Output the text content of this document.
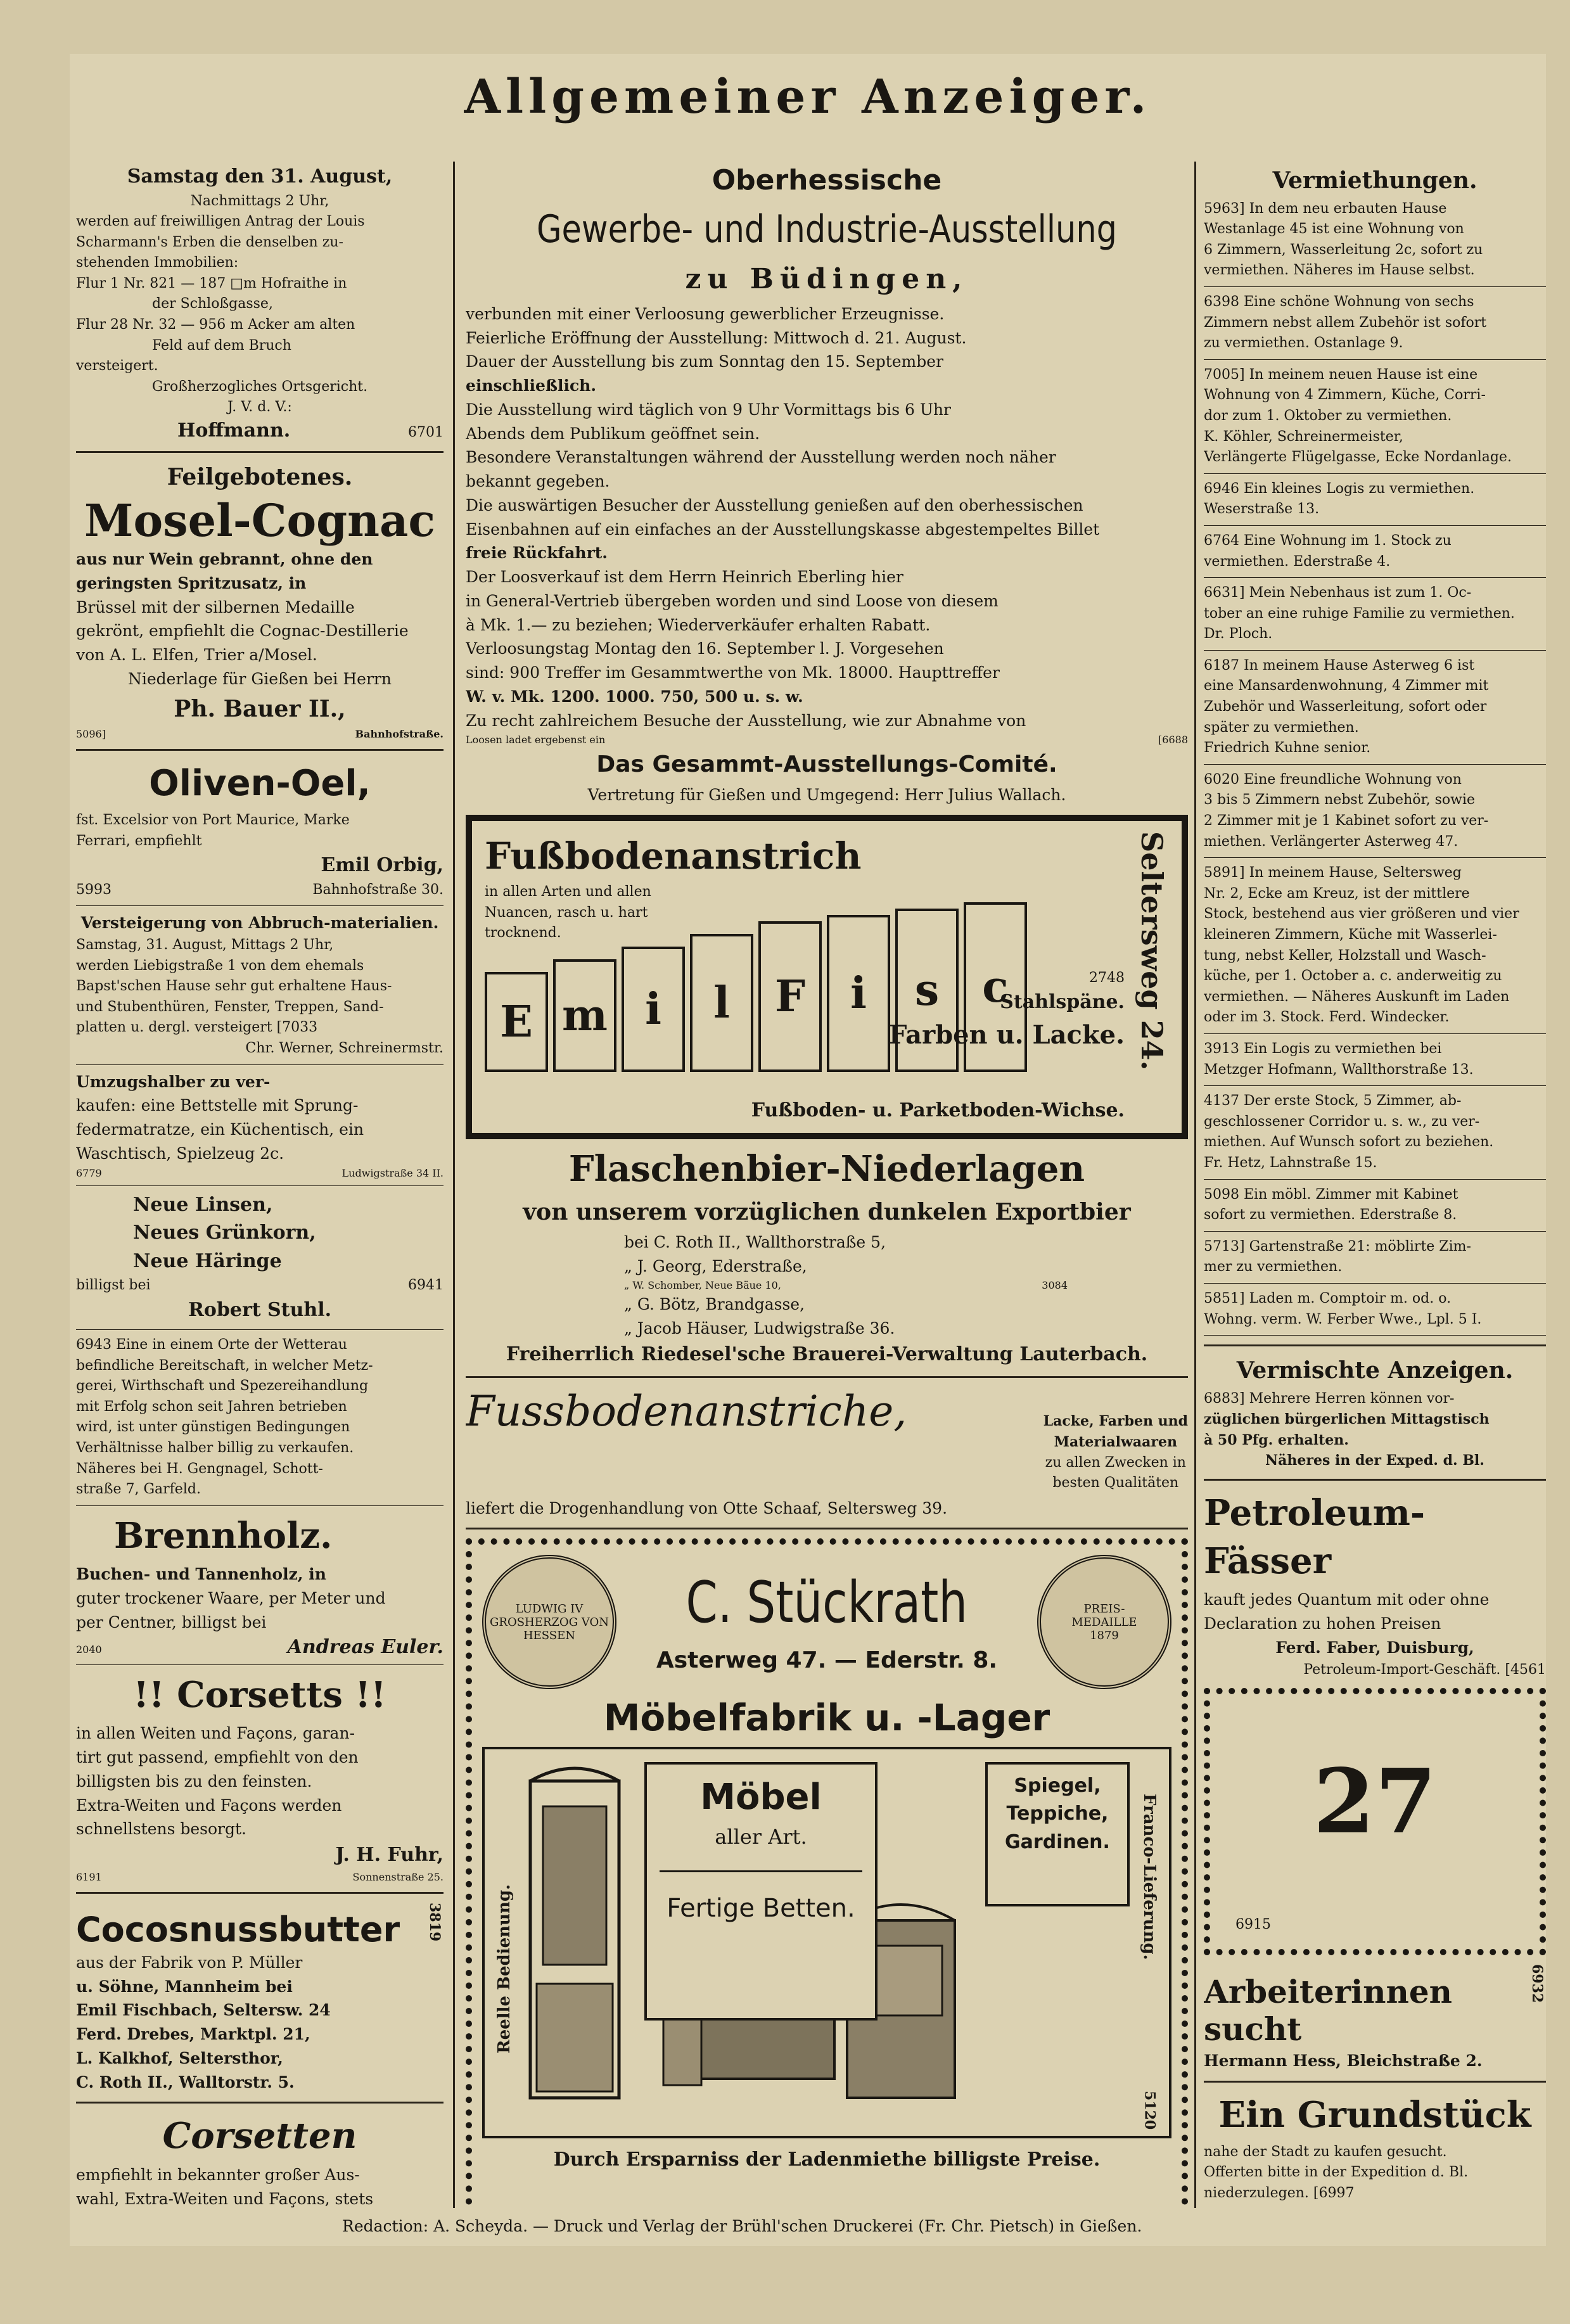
Allgemeiner Anzeiger.

Samstag den 31. August,

Nachmittags 2 Uhr,

werden auf freiwilligen Antrag der Louis

Scharmann's Erben die denselben zu-

stehenden Immobilien:

Flur 1 Nr. 821 — 187 □m Hofraithe in

der Schloßgasse,

Flur 28 Nr. 32 — 956 m Acker am alten

Feld auf dem Bruch

versteigert.

Großherzogliches Ortsgericht.

J. V. d. V.:

Hoffmann.	6701

Feilgebotenes.

Mosel-Cognac

aus nur Wein gebrannt, ohne den

geringsten Spritzusatz, in

Brüssel mit der silbernen Medaille

gekrönt, empfiehlt die Cognac-Destillerie

von A. L. Elfen, Trier a/Mosel.

Niederlage für Gießen bei Herrn

Ph. Bauer II.,

5096]	Bahnhofstraße.

Oliven-Oel,

fst. Excelsior von Port Maurice, Marke

Ferrari, empfiehlt

Emil Orbig,

5993	Bahnhofstraße 30.

Versteigerung von Abbruch-materialien.

Samstag, 31. August, Mittags 2 Uhr,

werden Liebigstraße 1 von dem ehemals

Bapst'schen Hause sehr gut erhaltene Haus-

und Stubenthüren, Fenster, Treppen, Sand-

platten u. dergl. versteigert [7033

Chr. Werner, Schreinermstr.

Umzugshalber zu ver-

kaufen: eine Bettstelle mit Sprung-

federmatratze, ein Küchentisch, ein

Waschtisch, Spielzeug 2c.

6779	Ludwigstraße 34 II.

Neue Linsen,

Neues Grünkorn,

Neue Häringe

billigst bei	6941

Robert Stuhl.

6943 Eine in einem Orte der Wetterau

befindliche Bereitschaft, in welcher Metz-

gerei, Wirthschaft und Spezereihandlung

mit Erfolg schon seit Jahren betrieben

wird, ist unter günstigen Bedingungen

Verhältnisse halber billig zu verkaufen.

Näheres bei H. Gengnagel, Schott-

straße 7, Garfeld.

Brennholz.

Buchen- und Tannenholz, in

guter trockener Waare, per Meter und

per Centner, billigst bei

2040	Andreas Euler.

!! Corsetts !!

in allen Weiten und Façons, garan-

tirt gut passend, empfiehlt von den

billigsten bis zu den feinsten.

Extra-Weiten und Façons werden

schnellstens besorgt.

J. H. Fuhr,

6191	Sonnenstraße 25.
Cocosnussbutter 3819

aus der Fabrik von P. Müller

u. Söhne, Mannheim bei

Emil Fischbach, Seltersw. 24

Ferd. Drebes, Marktpl. 21,

L. Kalkhof, Seltersthor,

C. Roth II., Walltorstr. 5.

Corsetten

empfiehlt in bekannter großer Aus-

wahl, Extra-Weiten und Façons, stets

Oberhessische

Gewerbe- und Industrie-Ausstellung

zu Büdingen,

verbunden mit einer Verloosung gewerblicher Erzeugnisse.

Feierliche Eröffnung der Ausstellung: Mittwoch d. 21. August.

Dauer der Ausstellung bis zum Sonntag den 15. September

einschließlich.

Die Ausstellung wird täglich von 9 Uhr Vormittags bis 6 Uhr

Abends dem Publikum geöffnet sein.

Besondere Veranstaltungen während der Ausstellung werden noch näher

bekannt gegeben.

Die auswärtigen Besucher der Ausstellung genießen auf den oberhessischen

Eisenbahnen auf ein einfaches an der Ausstellungskasse abgestempeltes Billet

freie Rückfahrt.

Der Loosverkauf ist dem Herrn Heinrich Eberling hier

in General-Vertrieb übergeben worden und sind Loose von diesem

à Mk. 1.— zu beziehen; Wiederverkäufer erhalten Rabatt.

Verloosungstag Montag den 16. September l. J. Vorgesehen

sind: 900 Treffer im Gesammtwerthe von Mk. 18000. Haupttreffer

W. v. Mk. 1200. 1000. 750, 500 u. s. w.

Zu recht zahlreichem Besuche der Ausstellung, wie zur Abnahme von

Loosen ladet ergebenst ein	[6688

Das Gesammt-Ausstellungs-Comité.

Vertretung für Gießen und Umgegend: Herr Julius Wallach.

Fußbodenanstrich

in allen Arten und allen

Nuancen, rasch u. hart

trocknend.	Seltersweg 24.
E m i	l	F	i	s	c	2748

Stahlspäne.

Farben u. Lacke.

Fußboden- u. Parketboden-Wichse.

Flaschenbier-Niederlagen

von unserem vorzüglichen dunkelen Exportbier

bei C. Roth II., Wallthorstraße 5,

„ J. Georg, Ederstraße,

„ W. Schomber, Neue Bäue 10,	3084

„ G. Bötz, Brandgasse,

„ Jacob Häuser, Ludwigstraße 36.

Freiherrlich Riedesel'sche Brauerei-Verwaltung Lauterbach.

Fussbodenanstriche,	Lacke, Farben und

Materialwaaren

zu allen Zwecken in

besten Qualitäten

liefert die Drogenhandlung von Otte Schaaf, Seltersweg 39.

LUDWIG IV GROSHERZOG VON HESSEN	C. Stückrath

Asterweg 47. — Ederstr. 8.

PREIS-
MEDAILLE
1879

Möbelfabrik u. -Lager

Reelle Bedienung.

Möbel

aller Art.

Fertige Betten.

Spiegel,

Teppiche,

Gardinen.	Franco-Lieferung.
5120

Durch Ersparniss der Ladenmiethe billigste Preise.

Vermiethungen.

5963] In dem neu erbauten Hause

Westanlage 45 ist eine Wohnung von

6 Zimmern, Wasserleitung 2c, sofort zu

vermiethen. Näheres im Hause selbst.

6398 Eine schöne Wohnung von sechs

Zimmern nebst allem Zubehör ist sofort

zu vermiethen. Ostanlage 9.

7005] In meinem neuen Hause ist eine

Wohnung von 4 Zimmern, Küche, Corri-

dor zum 1. Oktober zu vermiethen.

K. Köhler, Schreinermeister,

Verlängerte Flügelgasse, Ecke Nordanlage.

6946 Ein kleines Logis zu vermiethen.

Weserstraße 13.

6764 Eine Wohnung im 1. Stock zu

vermiethen. Ederstraße 4.

6631] Mein Nebenhaus ist zum 1. Oc-

tober an eine ruhige Familie zu vermiethen.

Dr. Ploch.

6187 In meinem Hause Asterweg 6 ist

eine Mansardenwohnung, 4 Zimmer mit

Zubehör und Wasserleitung, sofort oder

später zu vermiethen.

Friedrich Kuhne senior.

6020 Eine freundliche Wohnung von

3 bis 5 Zimmern nebst Zubehör, sowie

2 Zimmer mit je 1 Kabinet sofort zu ver-

miethen. Verlängerter Asterweg 47.

5891] In meinem Hause, Seltersweg

Nr. 2, Ecke am Kreuz, ist der mittlere

Stock, bestehend aus vier größeren und vier

kleineren Zimmern, Küche mit Wasserlei-

tung, nebst Keller, Holzstall und Wasch-

küche, per 1. October a. c. anderweitig zu

vermiethen. — Näheres Auskunft im Laden

oder im 3. Stock. Ferd. Windecker.

3913 Ein Logis zu vermiethen bei

Metzger Hofmann, Wallthorstraße 13.

4137 Der erste Stock, 5 Zimmer, ab-

geschlossener Corridor u. s. w., zu ver-

miethen. Auf Wunsch sofort zu beziehen.

Fr. Hetz, Lahnstraße 15.

5098 Ein möbl. Zimmer mit Kabinet

sofort zu vermiethen. Ederstraße 8.

5713] Gartenstraße 21: möblirte Zim-

mer zu vermiethen.

5851] Laden m. Comptoir m. od. o.

Wohng. verm. W. Ferber Wwe., Lpl. 5 I.

Vermischte Anzeigen.

6883] Mehrere Herren können vor-

züglichen bürgerlichen Mittagstisch

à 50 Pfg. erhalten.

Näheres in der Exped. d. Bl.

Petroleum-Fässer

kauft jedes Quantum mit oder ohne

Declaration zu hohen Preisen

Ferd. Faber, Duisburg,

Petroleum-Import-Geschäft. [4561

27

6915

Arbeiterinnen sucht
6932

Hermann Hess, Bleichstraße 2.

Ein Grundstück

nahe der Stadt zu kaufen gesucht.

Offerten bitte in der Expedition d. Bl.

niederzulegen. [6997

Redaction: A. Scheyda. — Druck und Verlag der Brühl'schen Druckerei (Fr. Chr. Pietsch) in Gießen.
